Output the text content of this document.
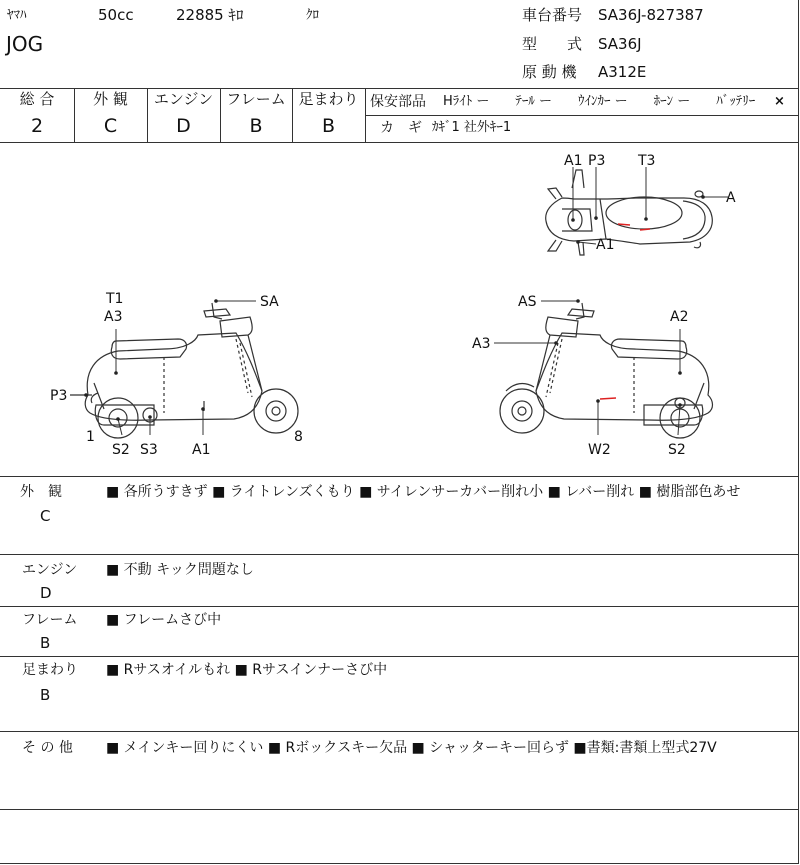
ﾔﾏﾊ	50cc	22885 ｷﾛ	ｸﾛ
JOG
車台番号 SA36J-827387
型　　式 SA36J
原 動 機 A312E
総 合	外 観	エンジン フレーム 足まわり
2	C	D	B	B
保安部品 Hﾗｲﾄ ー　　ﾃｰﾙ ー　　ｳｲﾝｶｰ ー　　ﾎｰﾝ ー　　ﾊﾞｯﾃﾘｰ ×
カ　ギ ｶｷﾞ1 社外ｷｰ1
A1 P3 T3
A
A1
T1
A3
SA
P3
1
S2 S3 A1
8
AS
A2
A3
W2	S2
外　観
C
■ 各所うすきず ■ ライトレンズくもり ■ サイレンサーカバー削れ小 ■ レバー削れ ■ 樹脂部色あせ
エンジン
D
■ 不動 キック問題なし
フレーム
B
■ フレームさび中
足まわり
B
■ Rサスオイルもれ ■ Rサスインナーさび中
そ の 他 ■ メインキー回りにくい ■ Rボックスキー欠品 ■ シャッターキー回らず ■書類:書類上型式27V
